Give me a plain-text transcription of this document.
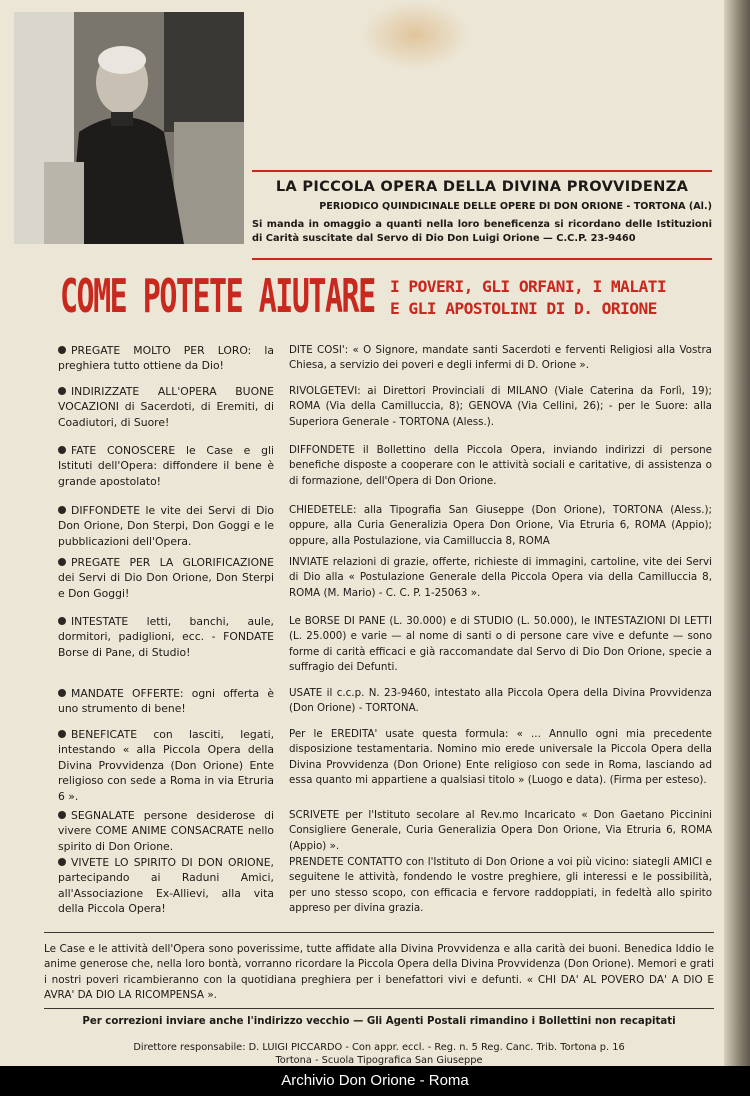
LA PICCOLA OPERA DELLA DIVINA PROVVIDENZA

PERIODICO QUINDICINALE DELLE OPERE DI DON ORIONE - TORTONA (Al.)

Si manda in omaggio a quanti nella loro beneficenza si ricordano delle Istituzioni di Carità suscitate dal Servo di Dio Don Luigi Orione — C.C.P. 23-9460

COME POTETE AIUTARE I POVERI, GLI ORFANI, I MALATI
E GLI APOSTOLINI DI D. ORIONE
PREGATE MOLTO PER LORO: la preghiera tutto ottiene da Dio!
DITE COSI': « O Signore, mandate santi Sacerdoti e ferventi Religiosi alla Vostra Chiesa, a servizio dei poveri e degli infermi di D. Orione ».
INDIRIZZATE ALL'OPERA BUONE VOCAZIONI di Sacerdoti, di Eremiti, di Coadiutori, di Suore!
RIVOLGETEVI: ai Direttori Provinciali di MILANO (Viale Caterina da Forlì, 19); ROMA (Via della Camilluccia, 8); GENOVA (Via Cellini, 26); - per le Suore: alla Superiora Generale - TORTONA (Aless.).
FATE CONOSCERE le Case e gli Istituti dell'Opera: diffondere il bene è grande apostolato!
DIFFONDETE il Bollettino della Piccola Opera, inviando indirizzi di persone benefiche disposte a cooperare con le attività sociali e caritative, di assistenza o di formazione, dell'Opera di Don Orione.
DIFFONDETE le vite dei Servi di Dio Don Orione, Don Sterpi, Don Goggi e le pubblicazioni dell'Opera.
CHIEDETELE: alla Tipografia San Giuseppe (Don Orione), TORTONA (Aless.); oppure, alla Curia Generalizia Opera Don Orione, Via Etruria 6, ROMA (Appio); oppure, alla Postulazione, via Camilluccia 8, ROMA
PREGATE PER LA GLORIFICAZIONE dei Servi di Dio Don Orione, Don Sterpi e Don Goggi!
INVIATE relazioni di grazie, offerte, richieste di immagini, cartoline, vite dei Servi di Dio alla « Postulazione Generale della Piccola Opera via della Camilluccia 8, ROMA (M. Mario) - C. C. P. 1-25063 ».
INTESTATE letti, banchi, aule, dormitori, padiglioni, ecc. - FONDATE Borse di Pane, di Studio!
Le BORSE DI PANE (L. 30.000) e di STUDIO (L. 50.000), le INTESTAZIONI DI LETTI (L. 25.000) e varie — al nome di santi o di persone care vive e defunte — sono forme di carità efficaci e già raccomandate dal Servo di Dio Don Orione, specie a suffragio dei Defunti.
MANDATE OFFERTE: ogni offerta è uno strumento di bene!
USATE il c.c.p. N. 23-9460, intestato alla Piccola Opera della Divina Provvidenza (Don Orione) - TORTONA.
BENEFICATE con lasciti, legati, intestando « alla Piccola Opera della Divina Provvidenza (Don Orione) Ente religioso con sede a Roma in via Etruria 6 ».
Per le EREDITA' usate questa formula: « ... Annullo ogni mia precedente disposizione testamentaria. Nomino mio erede universale la Piccola Opera della Divina Provvidenza (Don Orione) Ente religioso con sede in Roma, lasciando ad essa quanto mi appartiene a qualsiasi titolo » (Luogo e data). (Firma per esteso).
SEGNALATE persone desiderose di vivere COME ANIME CONSACRATE nello spirito di Don Orione.
SCRIVETE per l'Istituto secolare al Rev.mo Incaricato « Don Gaetano Piccinini Consigliere Generale, Curia Generalizia Opera Don Orione, Via Etruria 6, ROMA (Appio) ».
VIVETE LO SPIRITO DI DON ORIONE, partecipando ai Raduni Amici, all'Associazione Ex-Allievi, alla vita della Piccola Opera!
PRENDETE CONTATTO con l'Istituto di Don Orione a voi più vicino: siategli AMICI e seguitene le attività, fondendo le vostre preghiere, gli interessi e le possibilità, per uno stesso scopo, con efficacia e fervore raddoppiati, in fedeltà allo spirito appreso per divina grazia.
Le Case e le attività dell'Opera sono poverissime, tutte affidate alla Divina Provvidenza e alla carità dei buoni. Benedica Iddio le anime generose che, nella loro bontà, vorranno ricordare la Piccola Opera della Divina Provvidenza (Don Orione). Memori e grati i nostri poveri ricambieranno con la quotidiana preghiera per i benefattori vivi e defunti. « CHI DA' AL POVERO DA' A DIO E AVRA' DA DIO LA RICOMPENSA ».
Per correzioni inviare anche l'indirizzo vecchio — Gli Agenti Postali rimandino i Bollettini non recapitati
Direttore responsabile: D. LUIGI PICCARDO - Con appr. eccl. - Reg. n. 5 Reg. Canc. Trib. Tortona p. 16
Tortona - Scuola Tipografica San Giuseppe
Archivio Don Orione - Roma
